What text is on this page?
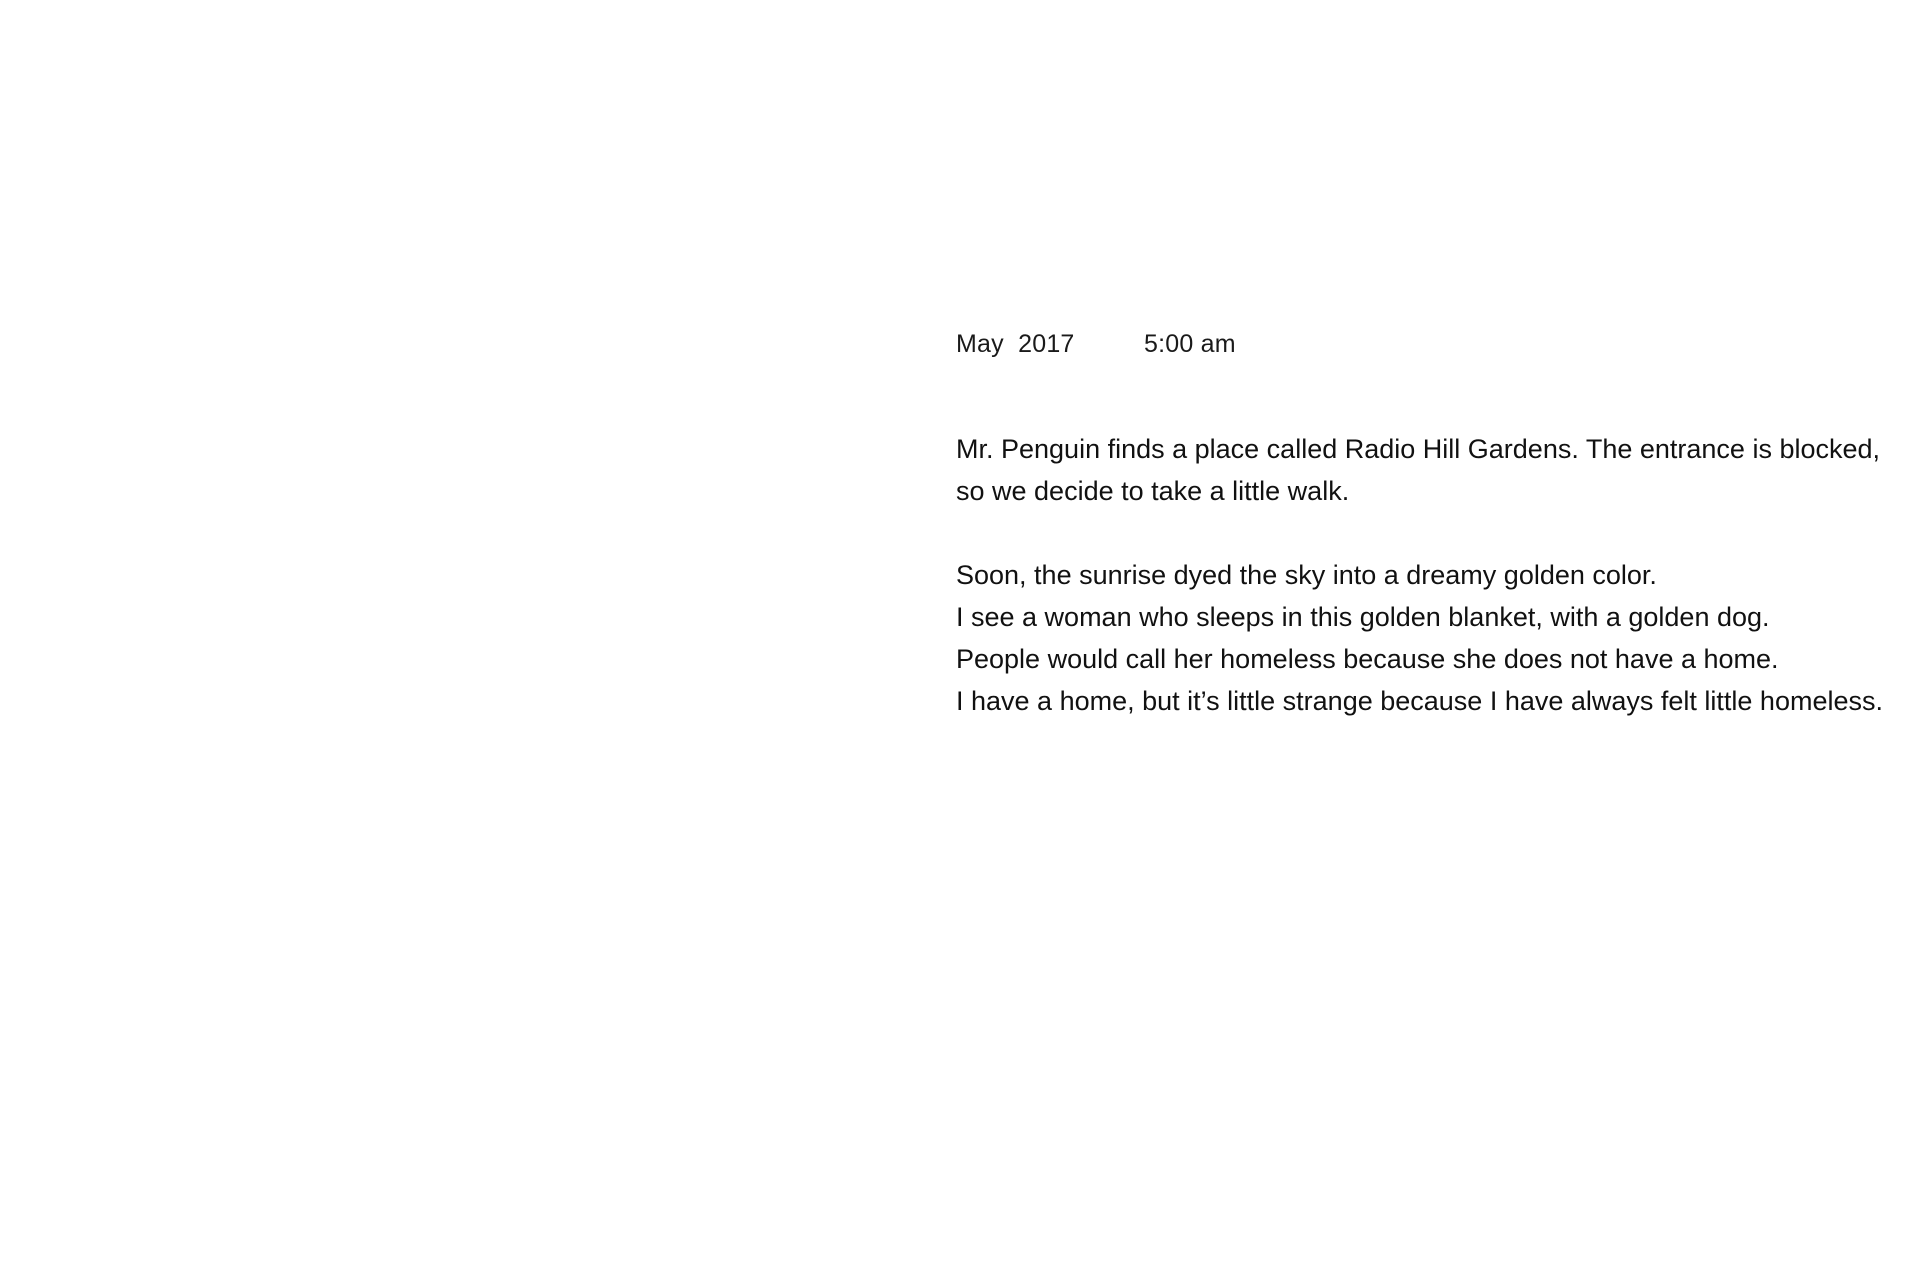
May  2017	5:00 am

Mr. Penguin finds a place called Radio Hill Gardens. The entrance is blocked,
so we decide to take a little walk.

Soon, the sunrise dyed the sky into a dreamy golden color.
I see a woman who sleeps in this golden blanket, with a golden dog.
People would call her homeless because she does not have a home.
I have a home, but it’s little strange because I have always felt little homeless.
